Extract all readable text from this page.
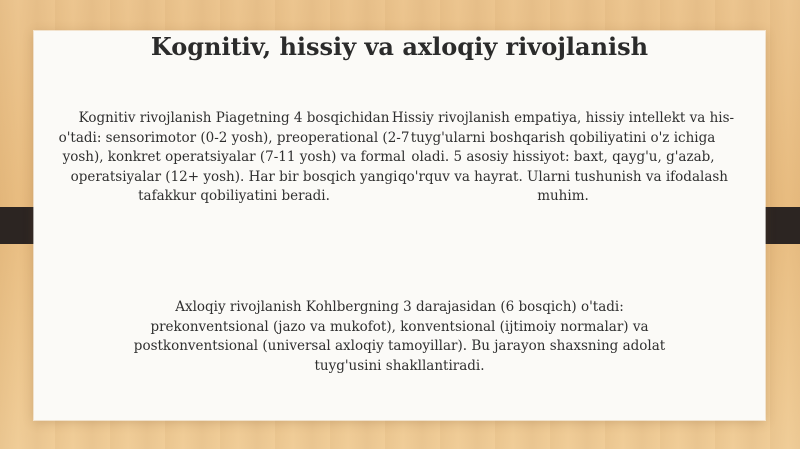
Kognitiv, hissiy va axloqiy rivojlanish
Kognitiv rivojlanish Piagetning 4 bosqichidan o'tadi: sensorimotor (0-2 yosh), preoperational (2-7 yosh), konkret operatsiyalar (7-11 yosh) va formal operatsiyalar (12+ yosh). Har bir bosqich yangi tafakkur qobiliyatini beradi.
Hissiy rivojlanish empatiya, hissiy intellekt va his-tuyg'ularni boshqarish qobiliyatini o'z ichiga oladi. 5 asosiy hissiyot: baxt, qayg'u, g'azab, qo'rquv va hayrat. Ularni tushunish va ifodalash muhim.
Axloqiy rivojlanish Kohlbergning 3 darajasidan (6 bosqich) o'tadi: prekonventsional (jazo va mukofot), konventsional (ijtimoiy normalar) va postkonventsional (universal axloqiy tamoyillar). Bu jarayon shaxsning adolat tuyg'usini shakllantiradi.
